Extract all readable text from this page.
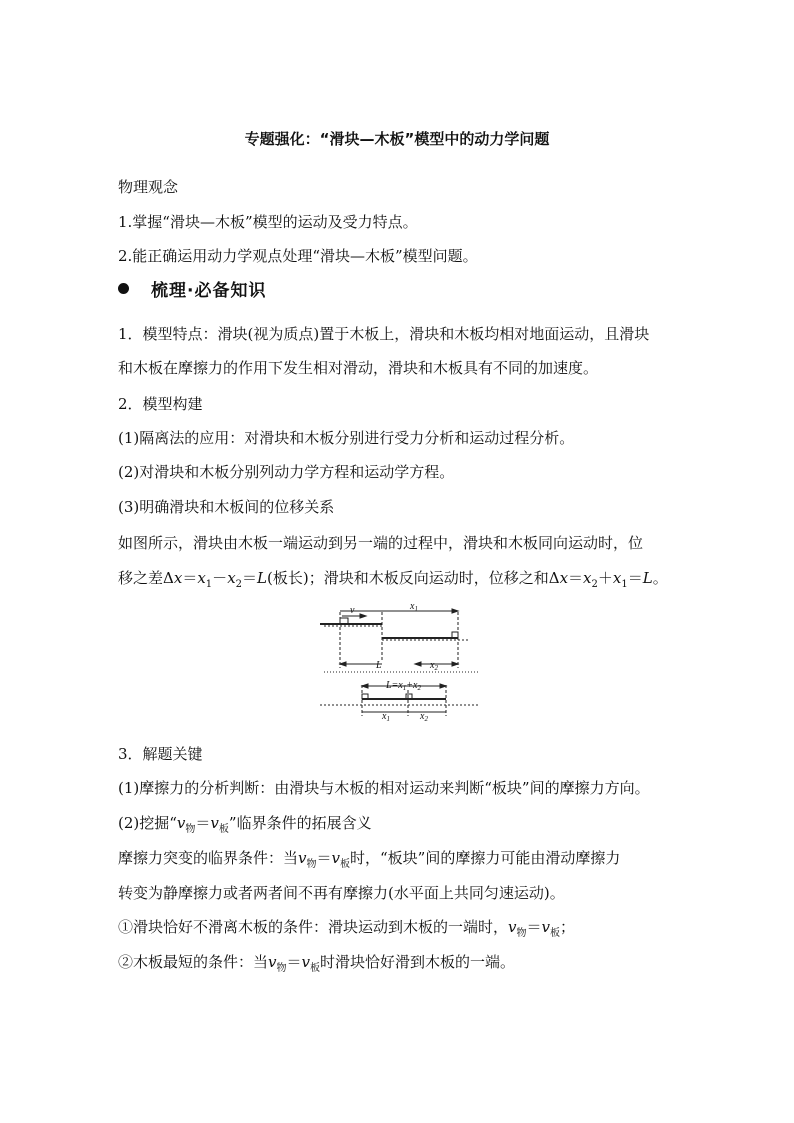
专题强化：“滑块—木板”模型中的动力学问题
物理观念
1.掌握“滑块—木板”模型的运动及受力特点。
2.能正确运用动力学观点处理“滑块—木板”模型问题。
梳理·必备知识
1．模型特点：滑块(视为质点)置于木板上，滑块和木板均相对地面运动，且滑块
和木板在摩擦力的作用下发生相对滑动，滑块和木板具有不同的加速度。
2．模型构建
(1)隔离法的应用：对滑块和木板分别进行受力分析和运动过程分析。
(2)对滑块和木板分别列动力学方程和运动学方程。
(3)明确滑块和木板间的位移关系
如图所示，滑块由木板一端运动到另一端的过程中，滑块和木板同向运动时，位
移之差$\Delta x=x_1-x_2=L$(板长)；滑块和木板反向运动时，位移之和$\Delta x=x_2+x_1=L$。
v	$x_1$
L	$x_2$
$L=x_1+x_2$
$x_1$	$x_2$
3．解题关键
(1)摩擦力的分析判断：由滑块与木板的相对运动来判断“板块”间的摩擦力方向。
(2)挖掘“$v_物=v_板$”临界条件的拓展含义
摩擦力突变的临界条件：当$v_物=v_板$时，“板块”间的摩擦力可能由滑动摩擦力
转变为静摩擦力或者两者间不再有摩擦力(水平面上共同匀速运动)。
①滑块恰好不滑离木板的条件：滑块运动到木板的一端时，$v_物=v_板$；
②木板最短的条件：当$v_物=v_板$时滑块恰好滑到木板的一端。
